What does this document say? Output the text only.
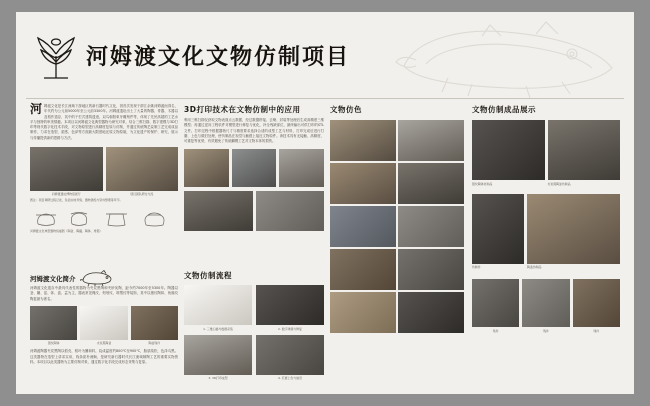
河姆渡文化文物仿制项目
河 姆渡文化是长江流域下游地区的新石器时代文化，因首次发现于浙江余姚河姆渡而得名，年代约为公元前5000年至公元前3300年。河姆渡遗址出土了大量的陶器、骨器、木器以及稻作遗存，其中的干栏式建筑遗迹、双鸟朝阳象牙雕刻件等，体现了先民高超的工艺水平与独特的审美情趣。本项目以河姆渡文化典型器物为研究对象，结合三维扫描、数字建模与3D打印等现代数字化技术手段，对文物原型进行高精度复原与仿制，并通过传统陶艺烧制工艺完成成品制作，力求在造型、质感、色泽等方面最大限度地还原文物原貌，为文化遗产的保护、研究、展示与传播提供新的思路与方法。
河姆渡遗址博物馆展厅	项目团队研讨交流
图注：项目调研过程记录，包括实地考察、器物测绘与资料整理等环节。
河姆渡文化典型器物线描图（陶釜、陶罐、陶钵、骨耜）
河姆渡文化简介
河姆渡文化遗存中最具代表性的器物为夹炭黑陶和夹砂灰陶，距今约7000年至5300年。陶器以釜、罐、盆、钵、盘、盂为主，器表常见绳纹、刻划纹、堆塑纹等装饰，其中以猪纹陶钵、鱼藻纹陶盆最为著名。
猪纹陶钵	夹炭黑陶釜	陶盆残件
河姆渡陶器夹炭黑陶以稻壳、稻叶为羼和料，烧成温度约800℃至900℃，胎质疏松，色泽乌黑。这类器物在造型上讲求实用，线条质朴流畅，是研究新石器时代长江流域制陶工艺的重要实物资料。本项目以此类器物为主要仿制对象，通过数字化手段完成形态采集与复原。
3D打印技术在文物仿制中的应用
利用三维扫描仪获取文物表面点云数据，经过数据拼接、去噪、封装等处理后生成高精度三维模型；再通过逆向工程软件对模型进行修复与优化，补全残缺部位，最终输出可供打印的STL文件。打印过程中根据器物尺寸与精度要求选择合适的成型工艺与材料，打印完成后进行打磨、上色与做旧处理，使仿制品在视觉与触感上接近文物原件。该技术具有无接触、高精度、可重复等优势，有效避免了传统翻模工艺对文物本体的损伤。
文物仿制流程
1. 三维扫描与数据采集	2. 数字建模与修复
3. 3D打印成型	4. 打磨上色与做旧
文物仿色	文物仿制成品展示
猪纹陶钵仿制品	夹炭黑陶釜仿制品
仿制件	陶盉仿制品
残件	残件	残件
